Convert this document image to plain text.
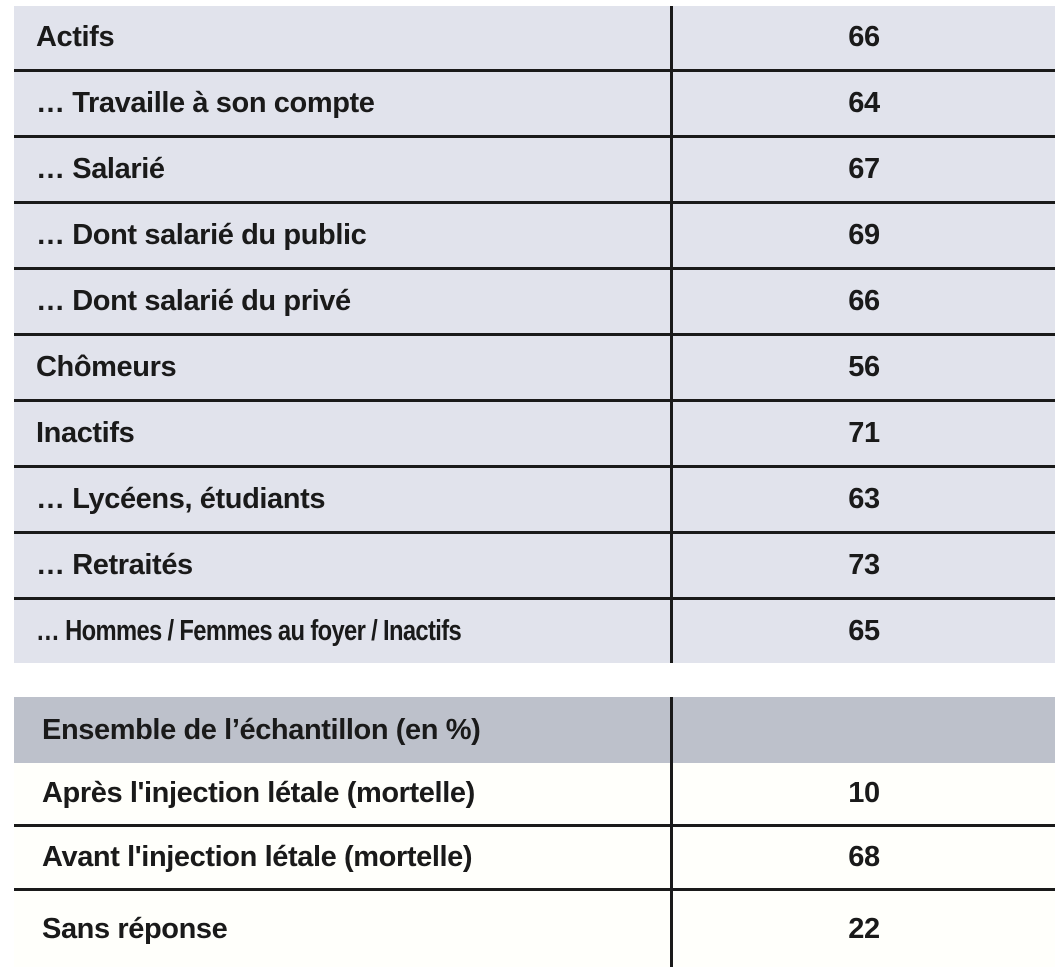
Actifs	66
… Travaille à son compte	64
… Salarié	67
… Dont salarié du public	69
… Dont salarié du privé	66
Chômeurs	56
Inactifs	71
… Lycéens, étudiants	63
… Retraités	73
… Hommes / Femmes au foyer / Inactifs	65
Ensemble de l’échantillon (en %)
Après l'injection létale (mortelle)	10
Avant l'injection létale (mortelle)	68
Sans réponse	22
